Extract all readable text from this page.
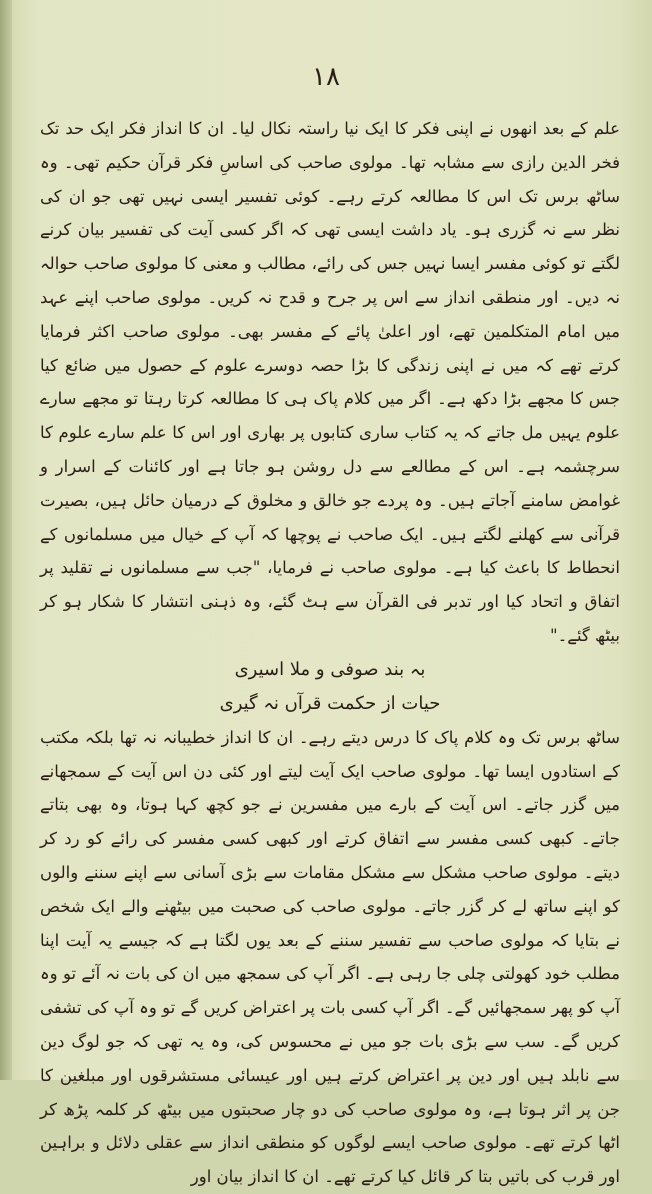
١٨

علم کے بعد انھوں نے اپنی فکر کا ایک نیا راستہ نکال لیا۔ ان کا انداز فکر ایک حد تک فخر الدین رازی سے مشابہ تھا۔ مولوی صاحب کی اساسِ فکر قرآن حکیم تھی۔ وہ ساٹھ برس تک اس کا مطالعہ کرتے رہے۔ کوئی تفسیر ایسی نہیں تھی جو ان کی نظر سے نہ گزری ہو۔ یاد داشت ایسی تھی کہ اگر کسی آیت کی تفسیر بیان کرنے لگتے تو کوئی مفسر ایسا نہیں جس کی رائے، مطالب و معنی کا مولوی صاحب حوالہ نہ دیں۔ اور منطقی انداز سے اس پر جرح و قدح نہ کریں۔ مولوی صاحب اپنے عہد میں امام المتکلمین تھے، اور اعلیٰ پائے کے مفسر بھی۔ مولوی صاحب اکثر فرمایا کرتے تھے کہ میں نے اپنی زندگی کا بڑا حصہ دوسرے علوم کے حصول میں ضائع کیا جس کا مجھے بڑا دکھ ہے۔ اگر میں کلام پاک ہی کا مطالعہ کرتا رہتا تو مجھے سارے علوم یہیں مل جاتے کہ یہ کتاب ساری کتابوں پر بھاری اور اس کا علم سارے علوم کا سرچشمہ ہے۔ اس کے مطالعے سے دل روشن ہو جاتا ہے اور کائنات کے اسرار و غوامض سامنے آجاتے ہیں۔ وہ پردے جو خالق و مخلوق کے درمیان حائل ہیں، بصیرت قرآنی سے کھلنے لگتے ہیں۔ ایک صاحب نے پوچھا کہ آپ کے خیال میں مسلمانوں کے انحطاط کا باعث کیا ہے۔ مولوی صاحب نے فرمایا، "جب سے مسلمانوں نے تقلید پر اتفاق و اتحاد کیا اور تدبر فی القرآن سے ہٹ گئے، وہ ذہنی انتشار کا شکار ہو کر بیٹھ گئے۔"

بہ بند صوفی و ملا اسیری
حیات از حکمت قرآں نہ گیری

ساٹھ برس تک وہ کلام پاک کا درس دیتے رہے۔ ان کا انداز خطیبانہ نہ تھا بلکہ مکتب کے استادوں ایسا تھا۔ مولوی صاحب ایک آیت لیتے اور کئی دن اس آیت کے سمجھانے میں گزر جاتے۔ اس آیت کے بارے میں مفسرین نے جو کچھ کہا ہوتا، وہ بھی بتاتے جاتے۔ کبھی کسی مفسر سے اتفاق کرتے اور کبھی کسی مفسر کی رائے کو رد کر دیتے۔ مولوی صاحب مشکل سے مشکل مقامات سے بڑی آسانی سے اپنے سننے والوں کو اپنے ساتھ لے کر گزر جاتے۔ مولوی صاحب کی صحبت میں بیٹھنے والے ایک شخص نے بتایا کہ مولوی صاحب سے تفسیر سننے کے بعد یوں لگتا ہے کہ جیسے یہ آیت اپنا مطلب خود کھولتی چلی جا رہی ہے۔ اگر آپ کی سمجھ میں ان کی بات نہ آئے تو وہ آپ کو پھر سمجھائیں گے۔ اگر آپ کسی بات پر اعتراض کریں گے تو وہ آپ کی تشفی کریں گے۔ سب سے بڑی بات جو میں نے محسوس کی، وہ یہ تھی کہ جو لوگ دین سے نابلد ہیں اور دین پر اعتراض کرتے ہیں اور عیسائی مستشرقوں اور مبلغین کا جن پر اثر ہوتا ہے، وہ مولوی صاحب کی دو چار صحبتوں میں بیٹھ کر کلمہ پڑھ کر اٹھا کرتے تھے۔ مولوی صاحب ایسے لوگوں کو منطقی انداز سے عقلی دلائل و براہین اور قرب کی باتیں بتا کر قائل کیا کرتے تھے۔ ان کا انداز بیان اور
